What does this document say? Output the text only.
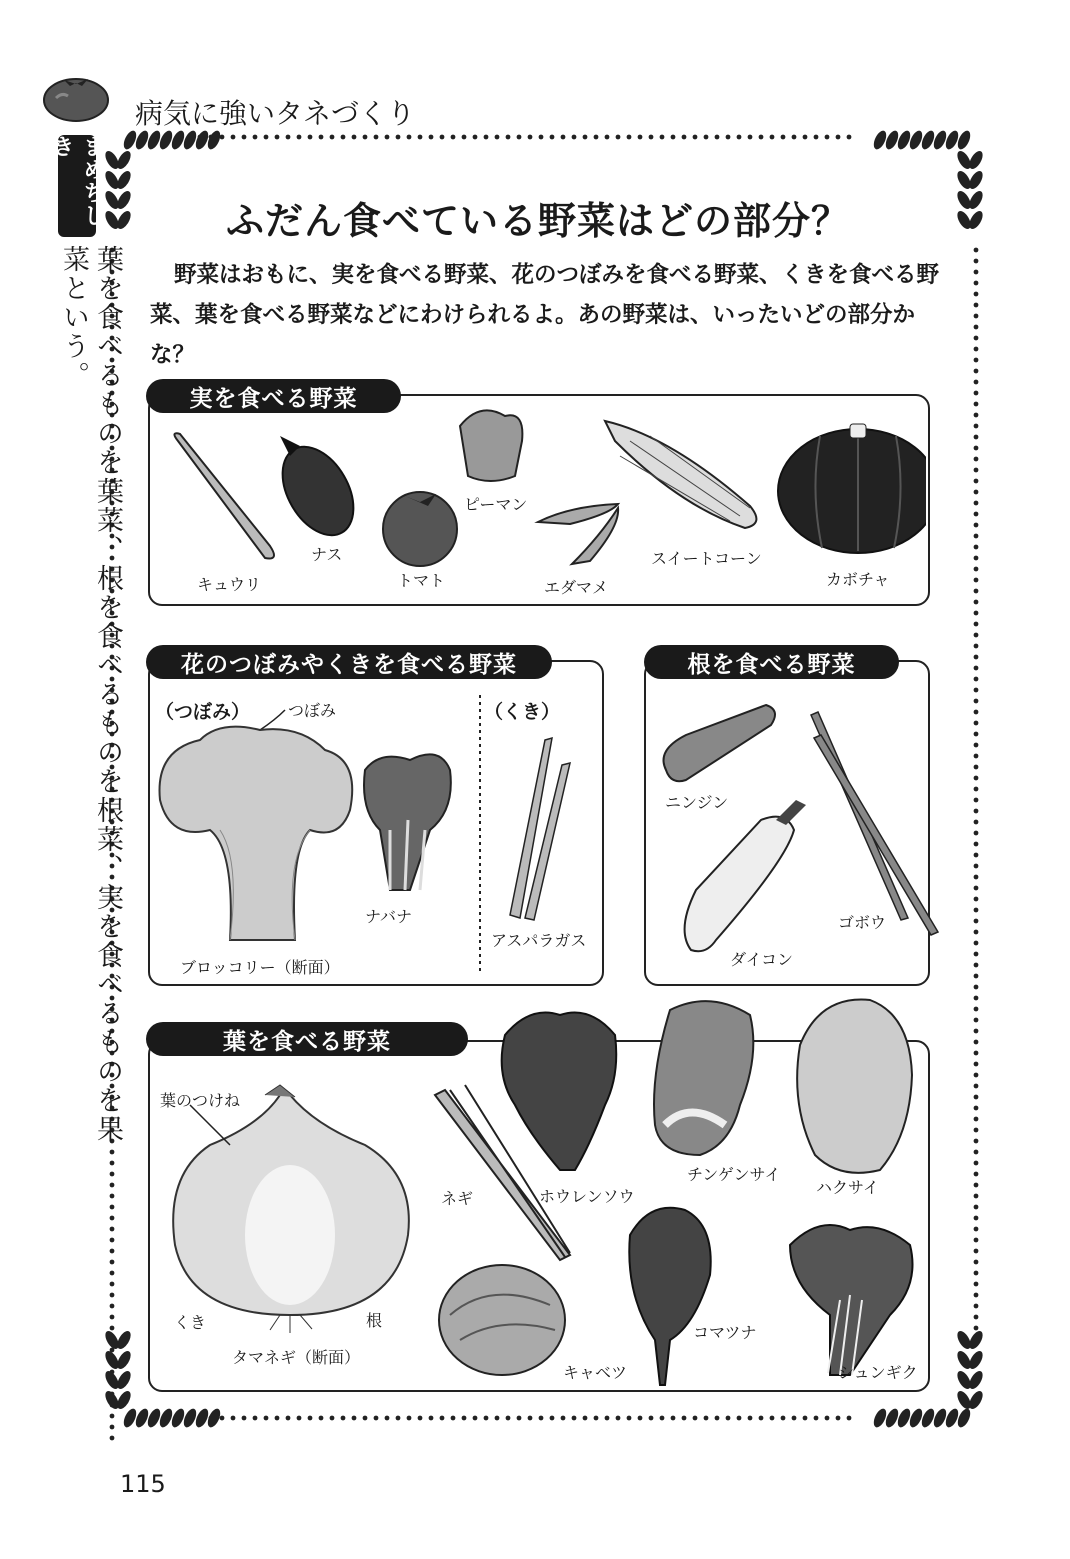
病気に強いタネづくり
まめちしき
葉を食べるものを葉菜、根を食べるものを根菜、実を食べるものを果菜という。
ふだん食べている野菜はどの部分？
野菜はおもに、実を食べる野菜、花のつぼみを食べる野菜、くきを食べる野菜、葉を食べる野菜などにわけられるよ。あの野菜は、いったいどの部分かな？
実を食べる野菜
キュウリ
ナス
トマト
ピーマン
エダマメ
スイートコーン
カボチャ
花のつぼみやくきを食べる野菜
（つぼみ）	（くき）
つぼみ
ブロッコリー（断面）
ナバナ
アスパラガス
根を食べる野菜
ニンジン
ダイコン
ゴボウ
葉を食べる野菜
葉のつけね
くき	根
タマネギ（断面）
ネギ	ホウレンソウ
チンゲンサイ
ハクサイ
キャベツ
コマツナ
シュンギク
115
